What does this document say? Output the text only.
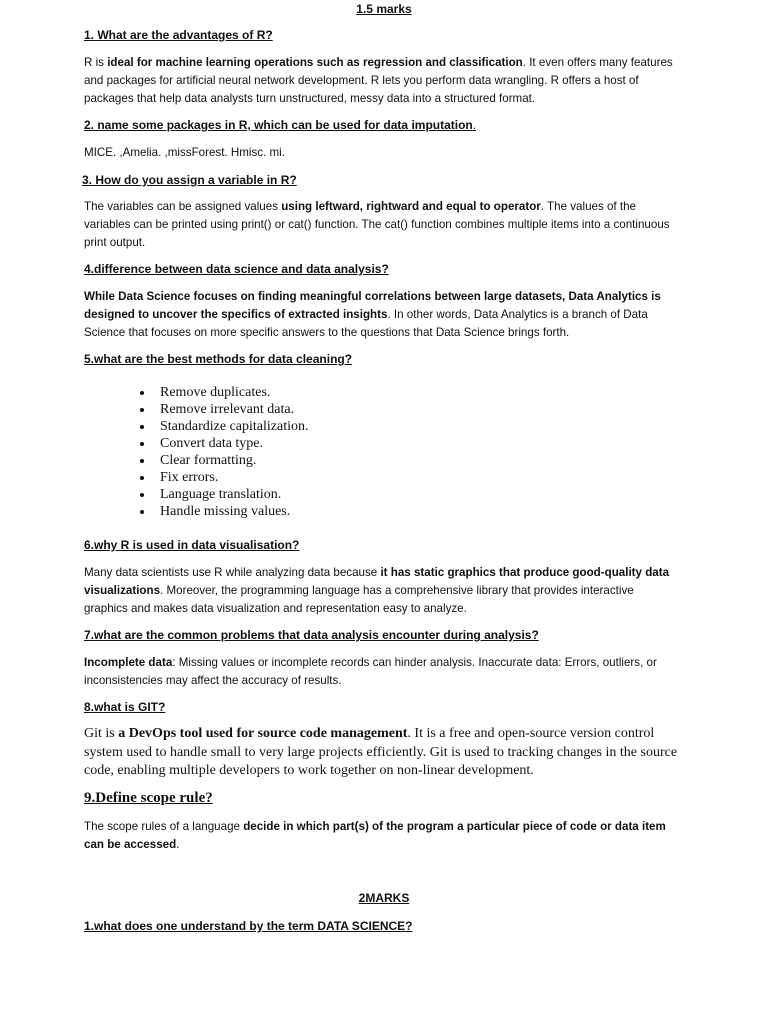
1.5 marks
1. What are the advantages of R?
R is ideal for machine learning operations such as regression and classification. It even offers many features and packages for artificial neural network development. R lets you perform data wrangling. R offers a host of packages that help data analysts turn unstructured, messy data into a structured format.
2. name some packages in R, which can be used for data imputation.
MICE. ,Amelia. ,missForest. Hmisc. mi.
3. How do you assign a variable in R?
The variables can be assigned values using leftward, rightward and equal to operator. The values of the variables can be printed using print() or cat() function. The cat() function combines multiple items into a continuous print output.
4.difference between data science and data analysis?
While Data Science focuses on finding meaningful correlations between large datasets, Data Analytics is designed to uncover the specifics of extracted insights. In other words, Data Analytics is a branch of Data Science that focuses on more specific answers to the questions that Data Science brings forth.
5.what are the best methods for data cleaning?
Remove duplicates.
Remove irrelevant data.
Standardize capitalization.
Convert data type.
Clear formatting.
Fix errors.
Language translation.
Handle missing values.
6.why R is used in data visualisation?
Many data scientists use R while analyzing data because it has static graphics that produce good-quality data visualizations. Moreover, the programming language has a comprehensive library that provides interactive graphics and makes data visualization and representation easy to analyze.
7.what are the common problems that data analysis encounter during analysis?
Incomplete data: Missing values or incomplete records can hinder analysis. Inaccurate data: Errors, outliers, or inconsistencies may affect the accuracy of results.
8.what is GIT?
Git is a DevOps tool used for source code management. It is a free and open-source version control system used to handle small to very large projects efficiently. Git is used to tracking changes in the source code, enabling multiple developers to work together on non-linear development.
9.Define scope rule?
The scope rules of a language decide in which part(s) of the program a particular piece of code or data item can be accessed.
2MARKS
1.what does one understand by the term DATA SCIENCE?
